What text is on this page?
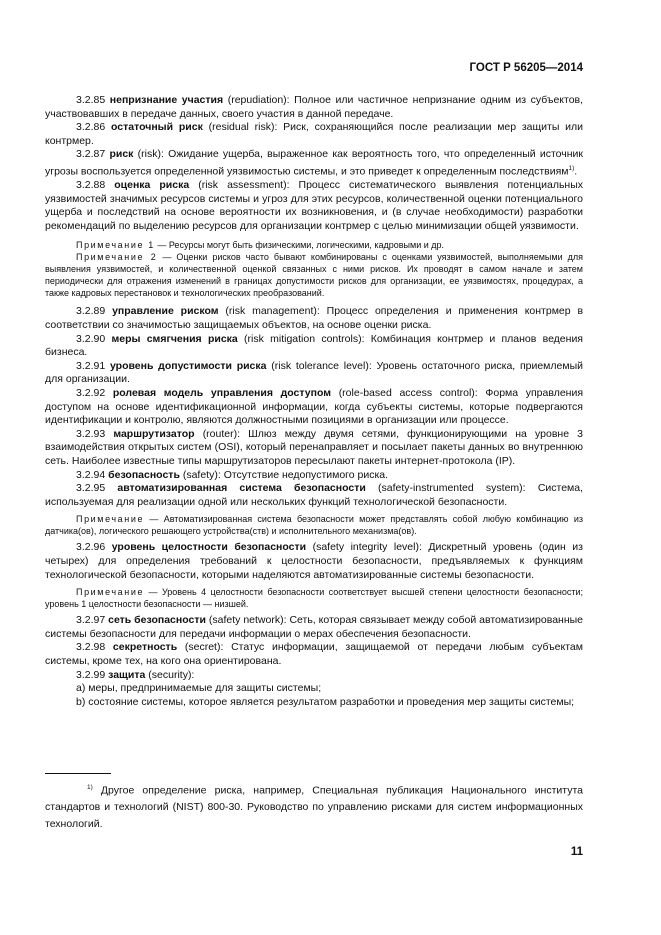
ГОСТ Р 56205—2014

3.2.85 непризнание участия (repudiation): Полное или частичное непризнание одним из субъектов, участвовавших в передаче данных, своего участия в данной передаче.

3.2.86 остаточный риск (residual risk): Риск, сохраняющийся после реализации мер защиты или контрмер.

3.2.87 риск (risk): Ожидание ущерба, выраженное как вероятность того, что определенный источник угрозы воспользуется определенной уязвимостью системы, и это приведет к определенным последствиям$^{1)}$.

3.2.88 оценка риска (risk assessment): Процесс систематического выявления потенциальных уязвимостей значимых ресурсов системы и угроз для этих ресурсов, количественной оценки потенциального ущерба и последствий на основе вероятности их возникновения, и (в случае необходимости) разработки рекомендаций по выделению ресурсов для организации контрмер с целью минимизации общей уязвимости.

Примечание 1 — Ресурсы могут быть физическими, логическими, кадровыми и др.

Примечание 2 — Оценки рисков часто бывают комбинированы с оценками уязвимостей, выполняемыми для выявления уязвимостей, и количественной оценкой связанных с ними рисков. Их проводят в самом начале и затем периодически для отражения изменений в границах допустимости рисков для организации, ее уязвимостях, процедурах, а также кадровых перестановок и технологических преобразований.

3.2.89 управление риском (risk management): Процесс определения и применения контрмер в соответствии со значимостью защищаемых объектов, на основе оценки риска.

3.2.90 меры смягчения риска (risk mitigation controls): Комбинация контрмер и планов ведения бизнеса.

3.2.91 уровень допустимости риска (risk tolerance level): Уровень остаточного риска, приемлемый для организации.

3.2.92 ролевая модель управления доступом (role-based access control): Форма управления доступом на основе идентификационной информации, когда субъекты системы, которые подвергаются идентификации и контролю, являются должностными позициями в организации или процессе.

3.2.93 маршрутизатор (router): Шлюз между двумя сетями, функционирующими на уровне 3 взаимодействия открытых систем (OSI), который перенаправляет и посылает пакеты данных во внутреннюю сеть. Наиболее известные типы маршрутизаторов пересылают пакеты интернет-протокола (IP).

3.2.94 безопасность (safety): Отсутствие недопустимого риска.

3.2.95 автоматизированная система безопасности (safety-instrumented system): Система, используемая для реализации одной или нескольких функций технологической безопасности.

Примечание — Автоматизированная система безопасности может представлять собой любую комбинацию из датчика(ов), логического решающего устройства(ств) и исполнительного механизма(ов).

3.2.96 уровень целостности безопасности (safety integrity level): Дискретный уровень (один из четырех) для определения требований к целостности безопасности, предъявляемых к функциям технологической безопасности, которыми наделяются автоматизированные системы безопасности.

Примечание — Уровень 4 целостности безопасности соответствует высшей степени целостности безопасности; уровень 1 целостности безопасности — низшей.

3.2.97 сеть безопасности (safety network): Сеть, которая связывает между собой автоматизированные системы безопасности для передачи информации о мерах обеспечения безопасности.

3.2.98 секретность (secret): Статус информации, защищаемой от передачи любым субъектам системы, кроме тех, на кого она ориентирована.

3.2.99 защита (security):

а) меры, предпринимаемые для защиты системы;

b) состояние системы, которое является результатом разработки и проведения мер защиты системы;

$^{1)}$ Другое определение риска, например, Специальная публикация Национального института стандартов и технологий (NIST) 800-30. Руководство по управлению рисками для систем информационных технологий.
11
